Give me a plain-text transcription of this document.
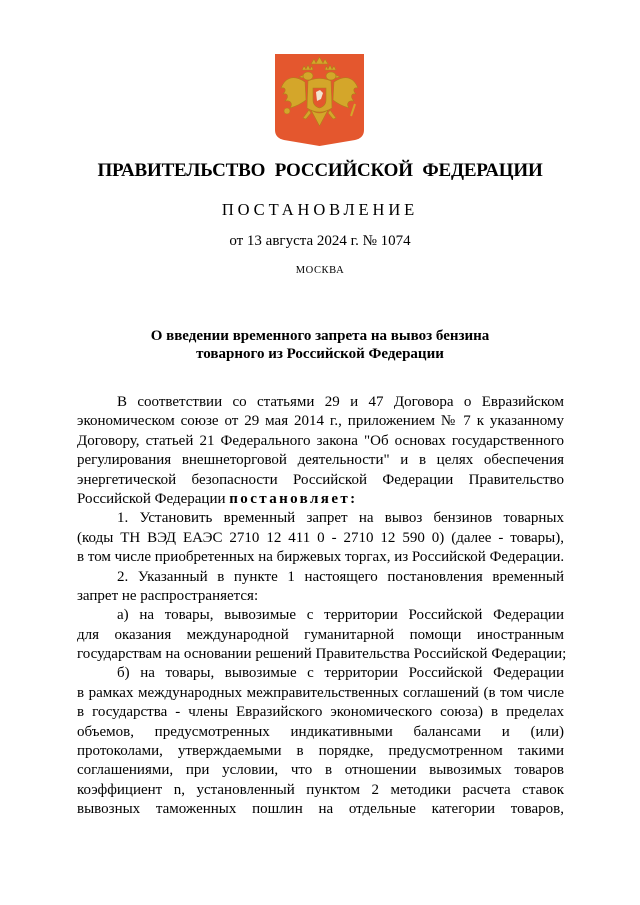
ПРАВИТЕЛЬСТВО РОССИЙСКОЙ ФЕДЕРАЦИИ
ПОСТАНОВЛЕНИЕ
от 13 августа 2024 г. № 1074
МОСКВА
О введении временного запрета на вывоз бензина
товарного из Российской Федерации
В соответствии со статьями 29 и 47 Договора о Евразийском
экономическом союзе от 29 мая 2014 г., приложением № 7 к указанному
Договору, статьей 21 Федерального закона "Об основах государственного
регулирования внешнеторговой деятельности" и в целях обеспечения
энергетической безопасности Российской Федерации Правительство
Российской Федерации постановляет:
1. Установить временный запрет на вывоз бензинов товарных
(коды ТН ВЭД ЕАЭС 2710 12 411 0 - 2710 12 590 0) (далее - товары),
в том числе приобретенных на биржевых торгах, из Российской Федерации.
2. Указанный в пункте 1 настоящего постановления временный
запрет не распространяется:
а) на товары, вывозимые с территории Российской Федерации
для оказания международной гуманитарной помощи иностранным
государствам на основании решений Правительства Российской Федерации;
б) на товары, вывозимые с территории Российской Федерации
в рамках международных межправительственных соглашений (в том числе
в государства - члены Евразийского экономического союза) в пределах
объемов, предусмотренных индикативными балансами и (или)
протоколами, утверждаемыми в порядке, предусмотренном такими
соглашениями, при условии, что в отношении вывозимых товаров
коэффициент n, установленный пунктом 2 методики расчета ставок
вывозных таможенных пошлин на отдельные категории товаров,
